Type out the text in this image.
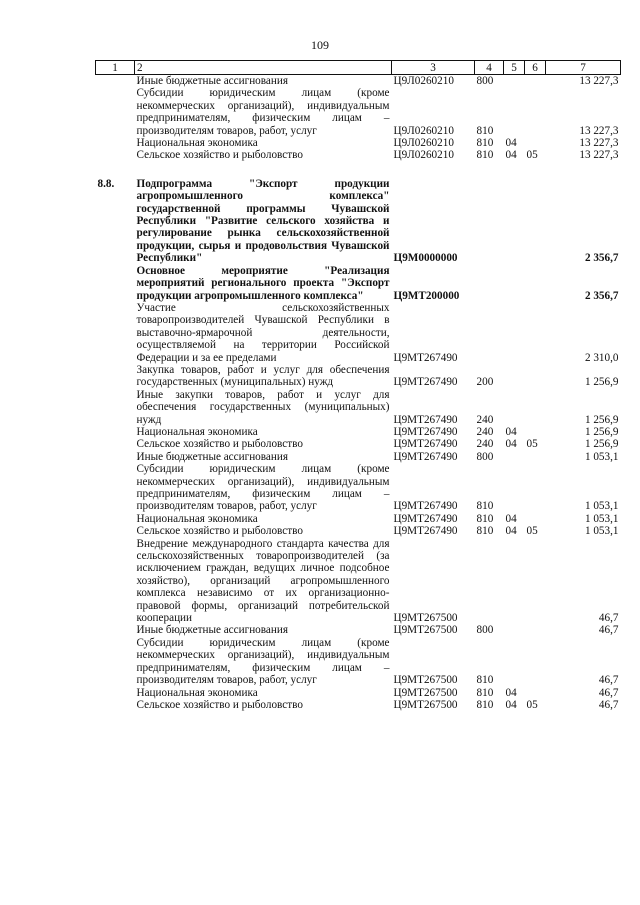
109
1	2	3	4	5	6	7
	Иные бюджетные ассигнования	Ц9Л0260210	800			13 227,3
	Субсидии юридическим лицам (кроме некоммерческих организаций), индивидуальным предпринимателям, физическим лицам – производителям товаров, работ, услуг	Ц9Л0260210	810			13 227,3
	Национальная экономика	Ц9Л0260210	810	04		13 227,3
	Сельское хозяйство и рыболовство	Ц9Л0260210	810	04	05	13 227,3

8.8.	Подпрограмма "Экспорт продукции агропромышленного комплекса" государственной программы Чувашской Республики "Развитие сельского хозяйства и регулирование рынка сельскохозяйственной продукции, сырья и продовольствия Чувашской Республики"	Ц9М0000000				2 356,7
	Основное мероприятие "Реализация мероприятий регионального проекта "Экспорт продукции агропромышленного комплекса"	Ц9МТ200000				2 356,7
	Участие сельскохозяйственных товаропроизводителей Чувашской Республики в выставочно-ярмарочной деятельности, осуществляемой на территории Российской Федерации и за ее пределами	Ц9МТ267490				2 310,0
	Закупка товаров, работ и услуг для обеспечения государственных (муниципальных) нужд	Ц9МТ267490	200			1 256,9
	Иные закупки товаров, работ и услуг для обеспечения государственных (муниципальных) нужд	Ц9МТ267490	240			1 256,9
	Национальная экономика	Ц9МТ267490	240	04		1 256,9
	Сельское хозяйство и рыболовство	Ц9МТ267490	240	04	05	1 256,9
	Иные бюджетные ассигнования	Ц9МТ267490	800			1 053,1
	Субсидии юридическим лицам (кроме некоммерческих организаций), индивидуальным предпринимателям, физическим лицам – производителям товаров, работ, услуг	Ц9МТ267490	810			1 053,1
	Национальная экономика	Ц9МТ267490	810	04		1 053,1
	Сельское хозяйство и рыболовство	Ц9МТ267490	810	04	05	1 053,1
	Внедрение международного стандарта качества для сельскохозяйственных товаропроизводителей (за исключением граждан, ведущих личное подсобное хозяйство), организаций агропромышленного комплекса независимо от их организационно-правовой формы, организаций потребительской кооперации	Ц9МТ267500				46,7
	Иные бюджетные ассигнования	Ц9МТ267500	800			46,7
	Субсидии юридическим лицам (кроме некоммерческих организаций), индивидуальным предпринимателям, физическим лицам – производителям товаров, работ, услуг	Ц9МТ267500	810			46,7
	Национальная экономика	Ц9МТ267500	810	04		46,7
	Сельское хозяйство и рыболовство	Ц9МТ267500	810	04	05	46,7
